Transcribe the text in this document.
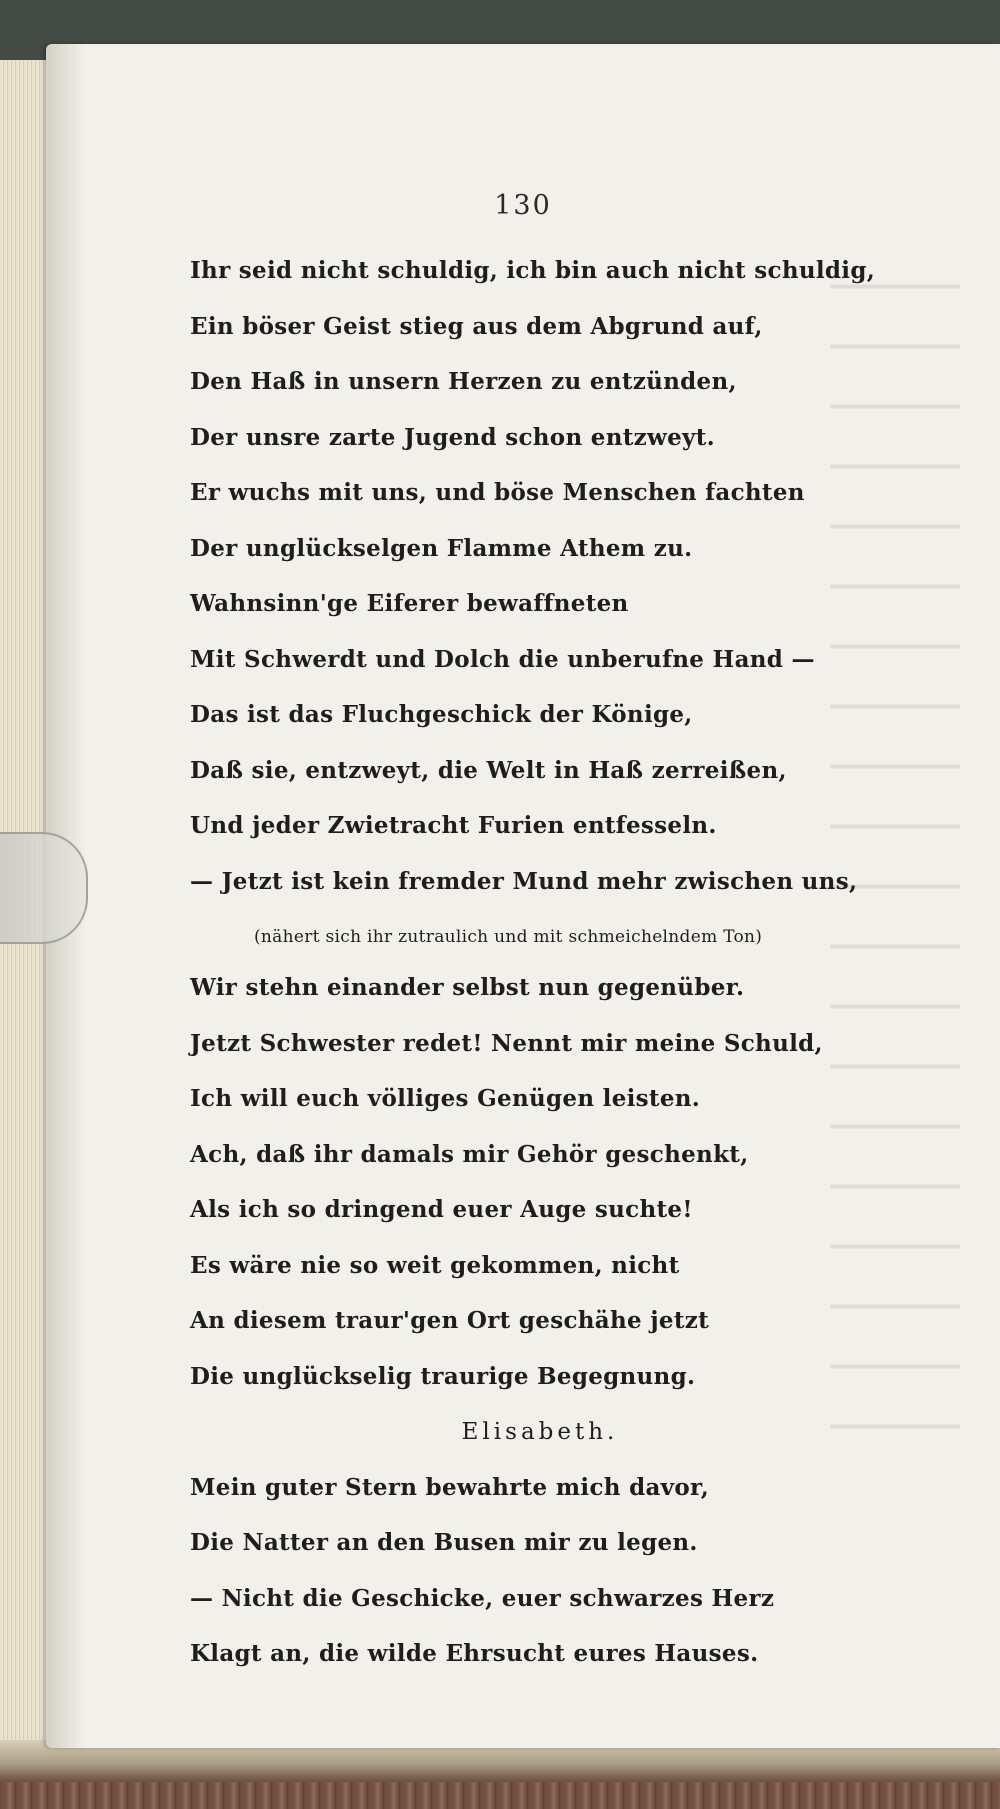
130
Ihr seid nicht schuldig, ich bin auch nicht schuldig,
Ein böser Geist stieg aus dem Abgrund auf,
Den Haß in unsern Herzen zu entzünden,
Der unsre zarte Jugend schon entzweyt.
Er wuchs mit uns, und böse Menschen fachten
Der unglückselgen Flamme Athem zu.
Wahnsinn'ge Eiferer bewaffneten
Mit Schwerdt und Dolch die unberufne Hand —
Das ist das Fluchgeschick der Könige,
Daß sie, entzweyt, die Welt in Haß zerreißen,
Und jeder Zwietracht Furien entfesseln.
— Jetzt ist kein fremder Mund mehr zwischen uns,
(nähert sich ihr zutraulich und mit schmeichelndem Ton)
Wir stehn einander selbst nun gegenüber.
Jetzt Schwester redet! Nennt mir meine Schuld,
Ich will euch völliges Genügen leisten.
Ach, daß ihr damals mir Gehör geschenkt,
Als ich so dringend euer Auge suchte!
Es wäre nie so weit gekommen, nicht
An diesem traur'gen Ort geschähe jetzt
Die unglückselig traurige Begegnung.
Elisabeth.
Mein guter Stern bewahrte mich davor,
Die Natter an den Busen mir zu legen.
— Nicht die Geschicke, euer schwarzes Herz
Klagt an, die wilde Ehrsucht eures Hauses.
